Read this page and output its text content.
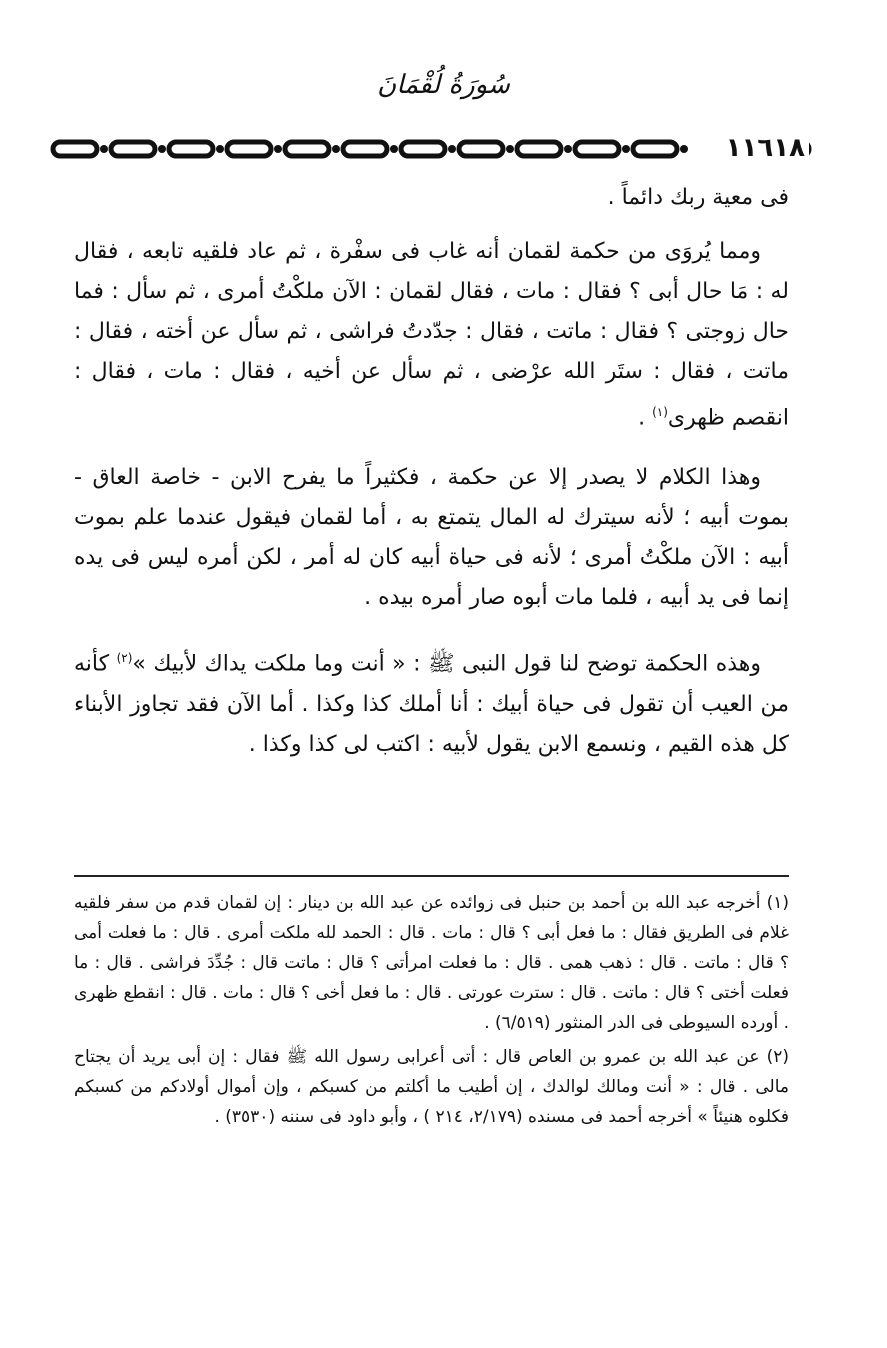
سُورَةُ لُقْمَانَ
١١٦١٨

فى معية ربك دائماً .

ومما يُروَى من حكمة لقمان أنه غاب فى سفْرة ، ثم عاد فلقيه تابعه ، فقال له : مَا حال أبى ؟ فقال : مات ، فقال لقمان : الآن ملكْتُ أمرى ، ثم سأل : فما حال زوجتى ؟ فقال : ماتت ، فقال : جدّدتُ فراشى ، ثم سأل عن أخته ، فقال : ماتت ، فقال : ستَر الله عرْضى ، ثم سأل عن أخيه ، فقال : مات ، فقال : انقصم ظهرى$^{(١)}$ .

وهذا الكلام لا يصدر إلا عن حكمة ، فكثيراً ما يفرح الابن - خاصة العاق - بموت أبيه ؛ لأنه سيترك له المال يتمتع به ، أما لقمان فيقول عندما علم بموت أبيه : الآن ملكْتُ أمرى ؛ لأنه فى حياة أبيه كان له أمر ، لكن أمره ليس فى يده إنما فى يد أبيه ، فلما مات أبوه صار أمره بيده .

وهذه الحكمة توضح لنا قول النبى ﷺ : « أنت وما ملكت يداك لأبيك »$^{(٢)}$ كأنه من العيب أن تقول فى حياة أبيك : أنا أملك كذا وكذا . أما الآن فقد تجاوز الأبناء كل هذه القيم ، ونسمع الابن يقول لأبيه : اكتب لى كذا وكذا .

(١) أخرجه عبد الله بن أحمد بن حنبل فى زوائده عن عبد الله بن دينار : إن لقمان قدم من سفر فلقيه غلام فى الطريق فقال : ما فعل أبى ؟ قال : مات . قال : الحمد لله ملكت أمرى . قال : ما فعلت أمى ؟ قال : ماتت . قال : ذهب همى . قال : ما فعلت امرأتى ؟ قال : ماتت قال : جُدِّدَ فراشى . قال : ما فعلت أختى ؟ قال : ماتت . قال : سترت عورتى . قال : ما فعل أخى ؟ قال : مات . قال : انقطع ظهرى . أورده السيوطى فى الدر المنثور (٦/٥١٩) .

(٢) عن عبد الله بن عمرو بن العاص قال : أتى أعرابى رسول الله ﷺ فقال : إن أبى يريد أن يجتاح مالى . قال : « أنت ومالك لوالدك ، إن أطيب ما أكلتم من كسبكم ، وإن أموال أولادكم من كسبكم فكلوه هنيئاً » أخرجه أحمد فى مسنده (٢/١٧٩، ٢١٤ ) ، وأبو داود فى سننه (٣٥٣٠) .
